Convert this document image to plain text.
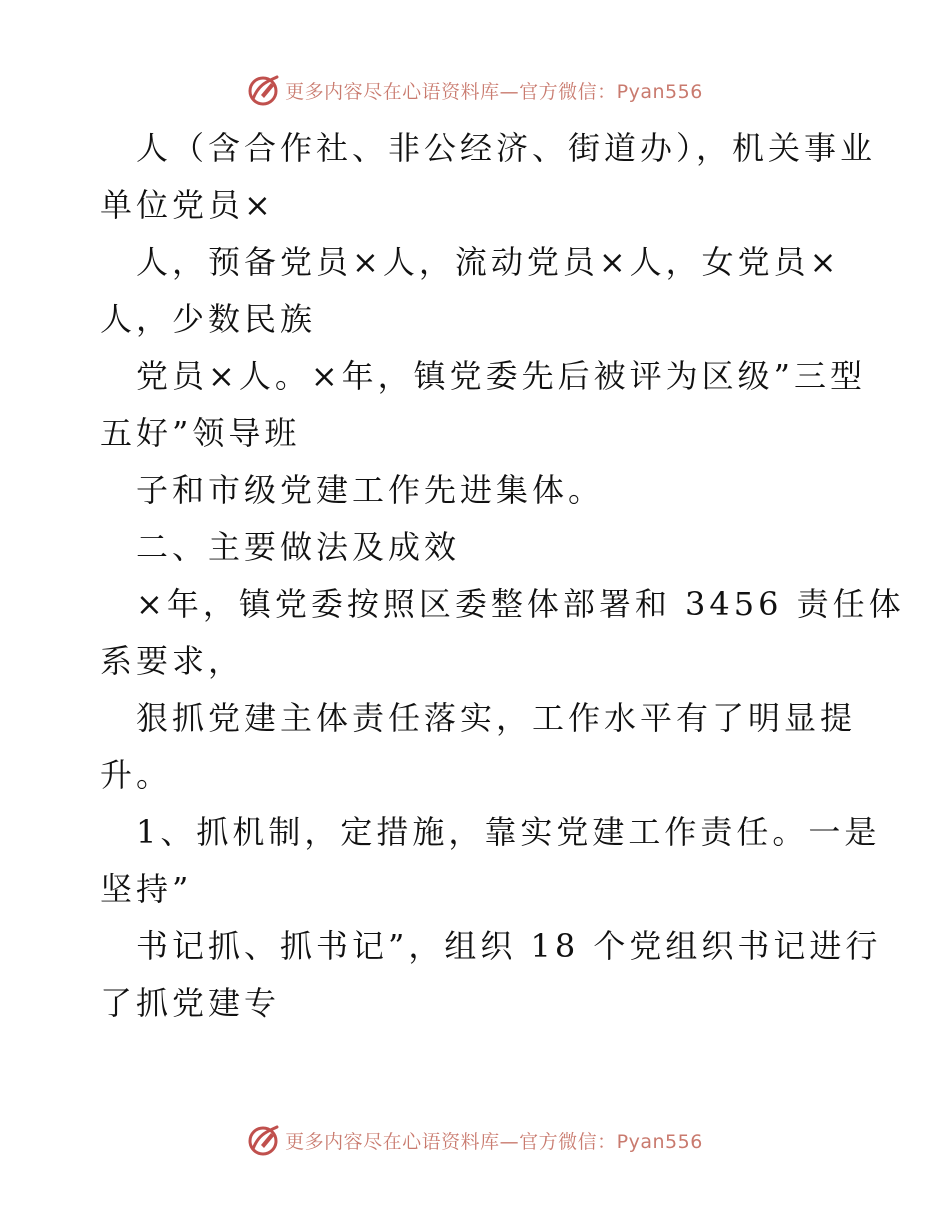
更多内容尽在心语资料库—官方微信：Pyan556
人（含合作社、非公经济、街道办），机关事业
单位党员×
人，预备党员×人，流动党员×人，女党员×
人，少数民族
党员×人。×年，镇党委先后被评为区级”三型
五好”领导班
子和市级党建工作先进集体。
二、主要做法及成效
×年，镇党委按照区委整体部署和 3456 责任体
系要求，
狠抓党建主体责任落实，工作水平有了明显提
升。
1、抓机制，定措施，靠实党建工作责任。一是
坚持”
书记抓、抓书记”，组织 18 个党组织书记进行
了抓党建专
更多内容尽在心语资料库—官方微信：Pyan556
